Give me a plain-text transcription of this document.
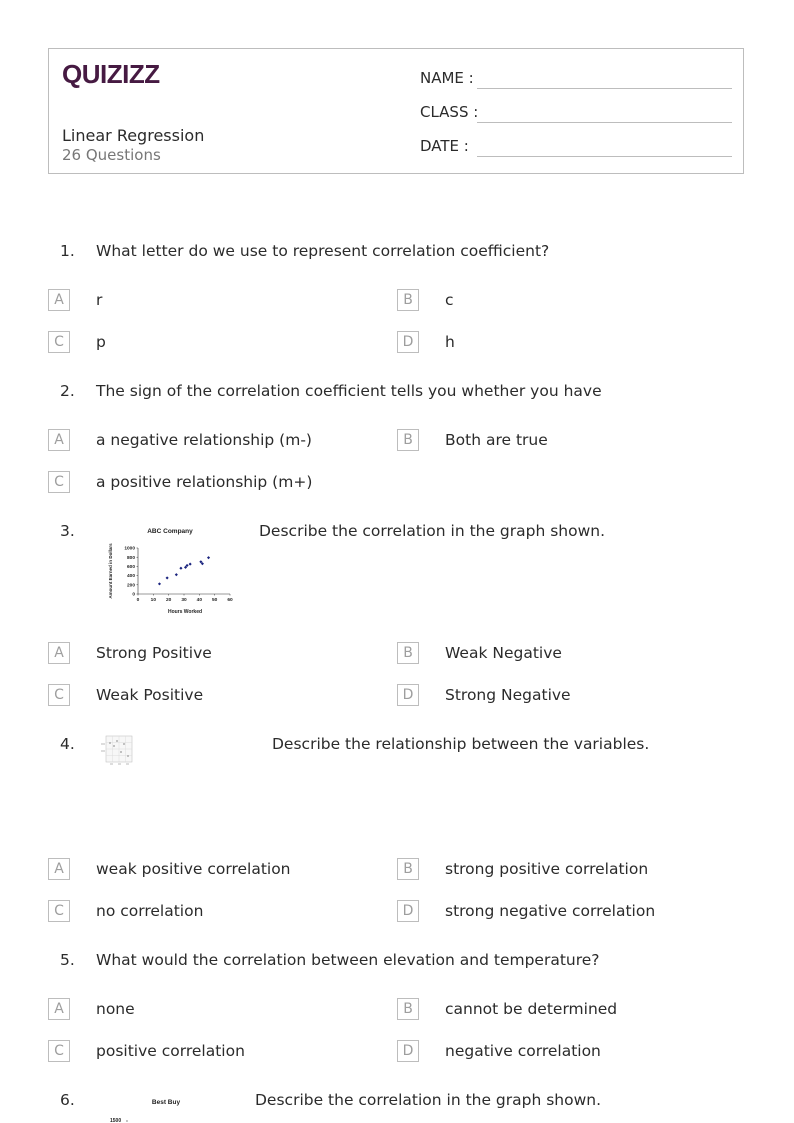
QUIZIZZ
Linear Regression
26 Questions
NAME :
CLASS :
DATE :
1. What letter do we use to represent correlation coefficient?
A	r	B	c
C	p	D	h
2. The sign of the correlation coefficient tells you whether you have
A	a negative relationship (m-)	B	Both are true
C	a positive relationship (m+)
3.	ABC Company
Hours Worked
Amount Earned in Dollars
0 10 20 30 40 50 60
0
200
400
600
800
1000
Describe the correlation in the graph shown.
A	Strong Positive	B	Weak Negative
C	Weak Positive	D	Strong Negative
4.	Describe the relationship between the variables.
A	weak positive correlation	B	strong positive correlation
C	no correlation	D	strong negative correlation
5. What would the correlation between elevation and temperature?
A	none	B	cannot be determined
C	positive correlation	D	negative correlation
6.	Best Buy
1500
Describe the correlation in the graph shown.
